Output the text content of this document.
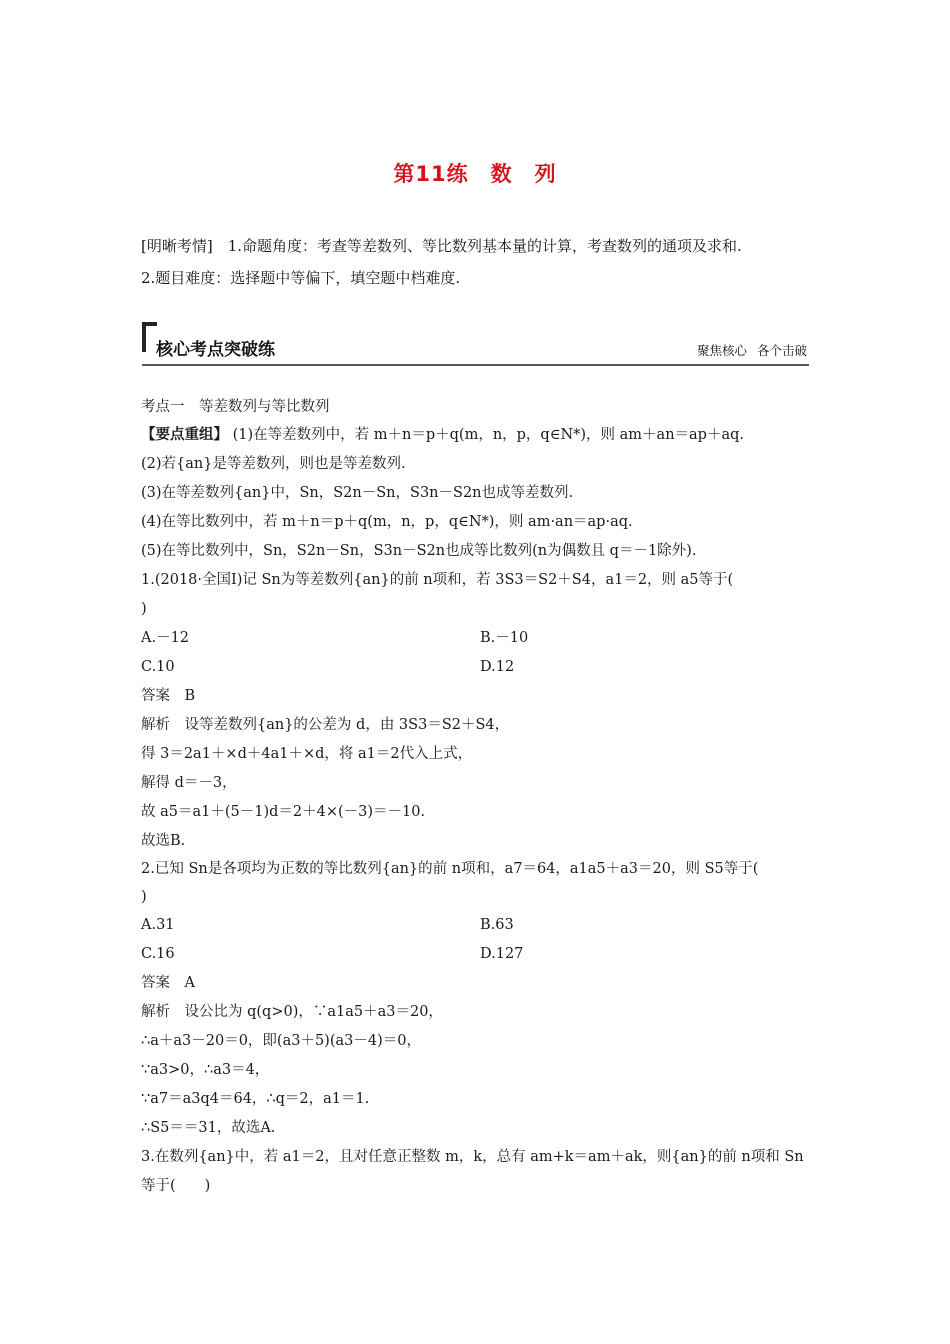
第11练　数　列
[明晰考情]　1.命题角度：考查等差数列、等比数列基本量的计算，考查数列的通项及求和.
2.题目难度：选择题中等偏下，填空题中档难度.
核心考点突破练	聚焦核心 各个击破
考点一　等差数列与等比数列
【要点重组】 (1)在等差数列中，若 m＋n＝p＋q(m，n，p，q∈N*)，则 am＋an＝ap＋aq.
(2)若{an}是等差数列，则也是等差数列.
(3)在等差数列{an}中，Sn，S2n－Sn，S3n－S2n也成等差数列.
(4)在等比数列中，若 m＋n＝p＋q(m，n，p，q∈N*)，则 am·an＝ap·aq.
(5)在等比数列中，Sn，S2n－Sn，S3n－S2n也成等比数列(n为偶数且 q＝－1除外).
1.(2018·全国Ⅰ)记 Sn为等差数列{an}的前 n项和，若 3S3＝S2＋S4，a1＝2，则 a5等于(
)
A.－12	B.－10
C.10	D.12
答案　B
解析　设等差数列{an}的公差为 d，由 3S3＝S2＋S4，
得 3＝2a1＋×d＋4a1＋×d，将 a1＝2代入上式，
解得 d＝－3，
故 a5＝a1＋(5－1)d＝2＋4×(－3)＝－10.
故选B.
2.已知 Sn是各项均为正数的等比数列{an}的前 n项和，a7＝64，a1a5＋a3＝20，则 S5等于(
)
A.31	B.63
C.16	D.127
答案　A
解析　设公比为 q(q>0)，∵a1a5＋a3＝20，
∴a＋a3－20＝0，即(a3＋5)(a3－4)＝0，
∵a3>0，∴a3＝4，
∵a7＝a3q4＝64，∴q＝2，a1＝1.
∴S5＝＝31，故选A.
3.在数列{an}中，若 a1＝2，且对任意正整数 m，k，总有 am+k＝am＋ak，则{an}的前 n项和 Sn
等于(　　)
